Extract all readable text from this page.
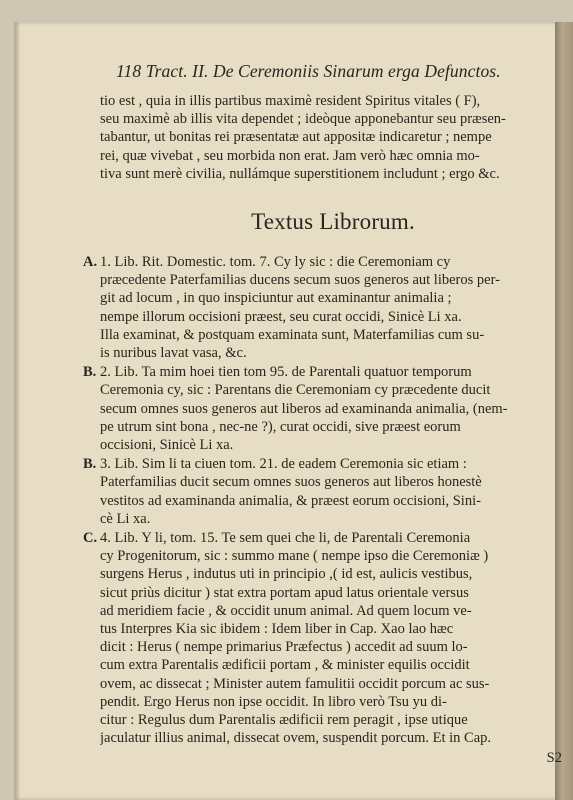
118 Tract. II. De Ceremoniis Sinarum erga Defunctos.
tio est , quia in illis partibus maximè resident Spiritus vitales ( F),
seu maximè ab illis vita dependet ; ideòque apponebantur seu præsen-
tabantur, ut bonitas rei præsentatæ aut appositæ indicaretur ; nempe
rei, quæ vivebat , seu morbida non erat. Jam verò hæc omnia mo-
tiva sunt merè civilia, nullámque superstitionem includunt ; ergo &c.
Textus Librorum.
A. 1. Lib. Rit. Domestic. tom. 7. Cy ly sic : die Ceremoniam cy
præcedente Paterfamilias ducens secum suos generos aut liberos per-
git ad locum , in quo inspiciuntur aut examinantur animalia ;
nempe illorum occisioni præest, seu curat occidi, Sinicè Li xa.
Illa examinat, & postquam examinata sunt, Materfamilias cum su-
is nuribus lavat vasa, &c.
B. 2. Lib. Ta mim hoei tien tom 95. de Parentali quatuor temporum
Ceremonia cy, sic : Parentans die Ceremoniam cy præcedente ducit
secum omnes suos generos aut liberos ad examinanda animalia, (nem-
pe utrum sint bona , nec-ne ?), curat occidi, sive præest eorum
occisioni, Sinicè Li xa.
B. 3. Lib. Sim li ta ciuen tom. 21. de eadem Ceremonia sic etiam :
Paterfamilias ducit secum omnes suos generos aut liberos honestè
vestitos ad examinanda animalia, & præest eorum occisioni, Sini-
cè Li xa.
C. 4. Lib. Y li, tom. 15. Te sem quei che li, de Parentali Ceremonia
cy Progenitorum, sic : summo mane ( nempe ipso die Ceremoniæ )
surgens Herus , indutus uti in principio ,( id est, aulicis vestibus,
sicut priùs dicitur ) stat extra portam apud latus orientale versus
ad meridiem facie , & occidit unum animal. Ad quem locum ve-
tus Interpres Kia sic ibidem : Idem liber in Cap. Xao lao hæc
dicit : Herus ( nempe primarius Præfectus ) accedit ad suum lo-
cum extra Parentalis ædificii portam , & minister equilis occidit
ovem, ac dissecat ; Minister autem famulitii occidit porcum ac sus-
pendit. Ergo Herus non ipse occidit. In libro verò Tsu yu di-
citur : Regulus dum Parentalis ædificii rem peragit , ipse utique
jaculatur illius animal, dissecat ovem, suspendit porcum. Et in Cap.
S2
